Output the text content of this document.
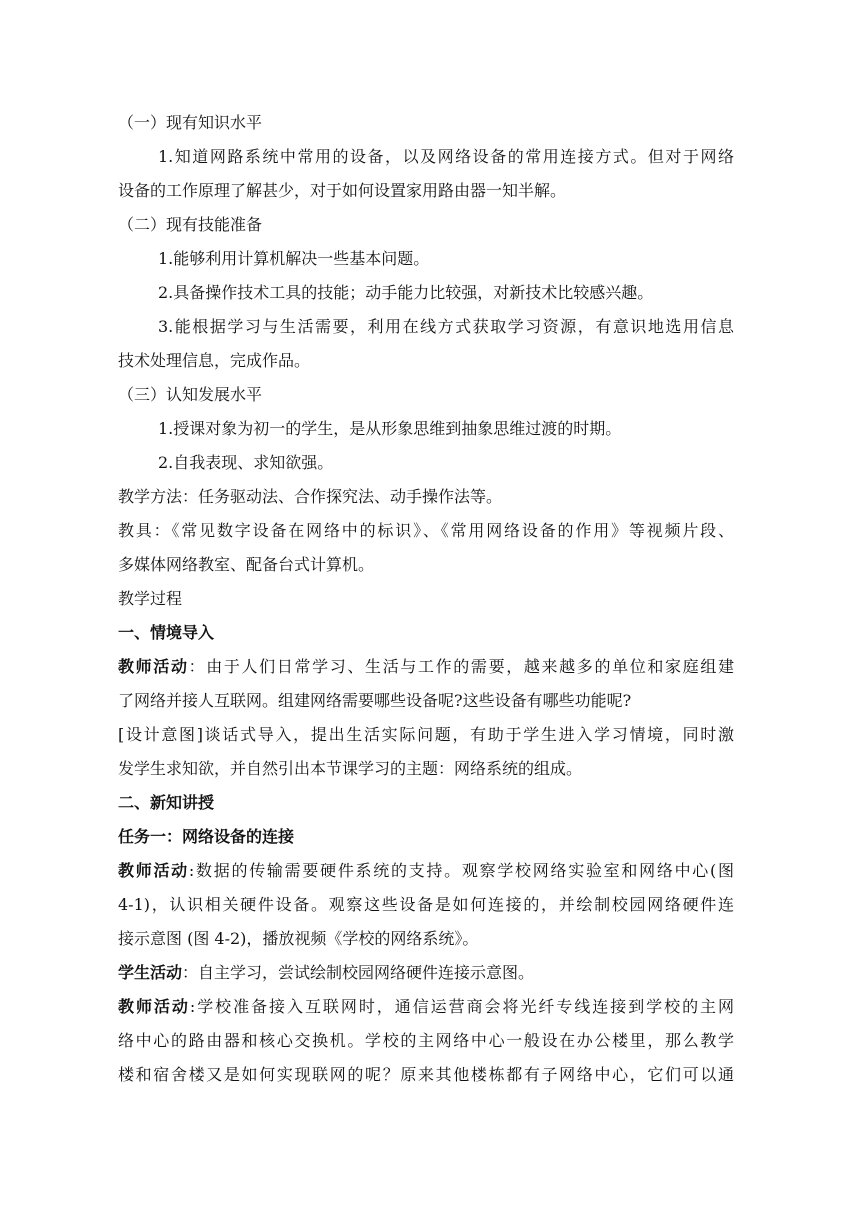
（一）现有知识水平
1.知道网路系统中常用的设备，以及网络设备的常用连接方式。但对于网络
设备的工作原理了解甚少，对于如何设置家用路由器一知半解。
（二）现有技能准备
1.能够利用计算机解决一些基本问题。
2.具备操作技术工具的技能；动手能力比较强，对新技术比较感兴趣。
3.能根据学习与生活需要，利用在线方式获取学习资源，有意识地选用信息
技术处理信息，完成作品。
（三）认知发展水平
1.授课对象为初一的学生，是从形象思维到抽象思维过渡的时期。
2.自我表现、求知欲强。
教学方法：任务驱动法、合作探究法、动手操作法等。
教具：《常见数字设备在网络中的标识》、《常用网络设备的作用》等视频片段、
多媒体网络教室、配备台式计算机。
教学过程
一、情境导入
教师活动：由于人们日常学习、生活与工作的需要，越来越多的单位和家庭组建
了网络并接人互联网。组建网络需要哪些设备呢?这些设备有哪些功能呢?
[设计意图]谈话式导入，提出生活实际问题，有助于学生进入学习情境，同时激
发学生求知欲，并自然引出本节课学习的主题：网络系统的组成。
二、新知讲授
任务一：网络设备的连接
教师活动:数据的传输需要硬件系统的支持。观察学校网络实验室和网络中心(图
4-1)，认识相关硬件设备。观察这些设备是如何连接的，并绘制校园网络硬件连
接示意图 (图 4-2)，播放视频《学校的网络系统》。
学生活动：自主学习，尝试绘制校园网络硬件连接示意图。
教师活动:学校准备接入互联网时，通信运营商会将光纤专线连接到学校的主网
络中心的路由器和核心交换机。学校的主网络中心一般设在办公楼里，那么教学
楼和宿舍楼又是如何实现联网的呢？原来其他楼栋都有子网络中心，它们可以通
